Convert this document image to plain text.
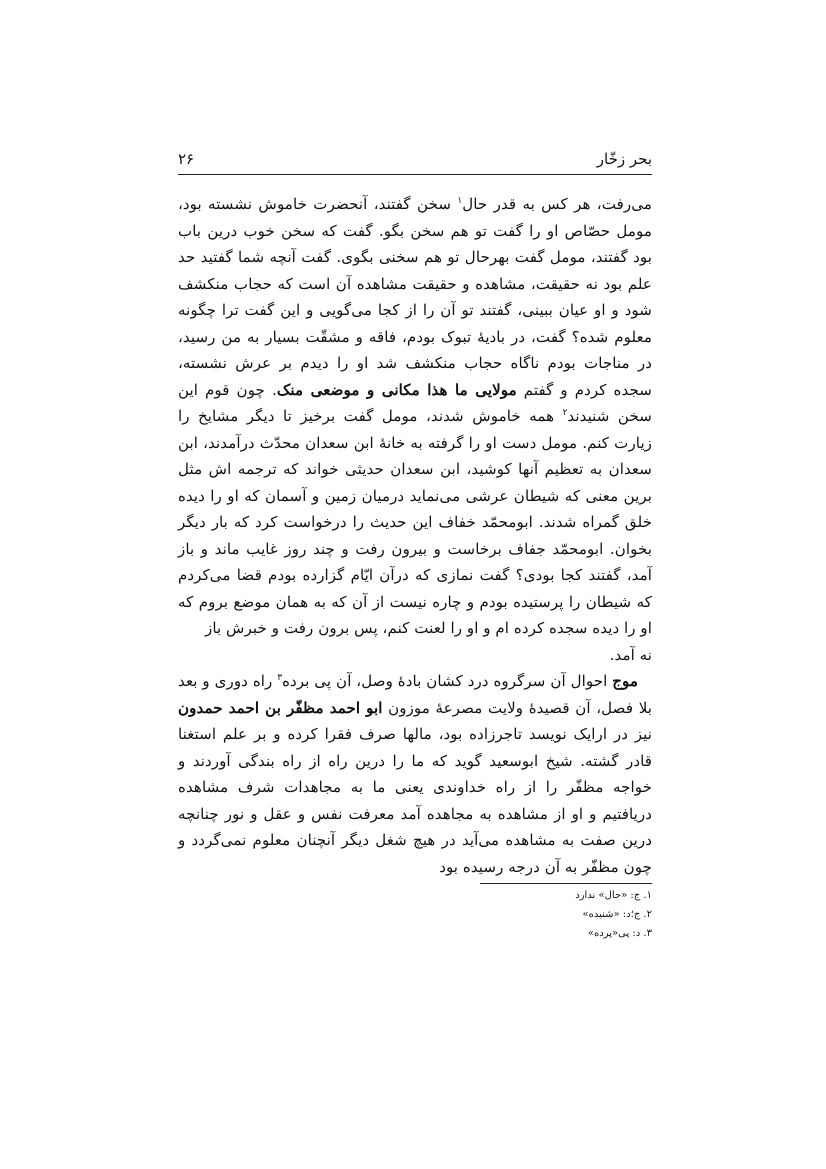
بحر زخّار
۲۶

می‌رفت، هر کس به قدر حال$^۱$ سخن گفتند، آنحضرت خاموش نشسته بود، مومل حصّاص او را گفت تو هم سخن بگو. گفت که سخن خوب درین باب بود گفتند، مومل گفت بهرحال تو هم سخنی بگوی. گفت آنچه شما گفتید حد علم بود نه حقیقت، مشاهده و حقیقت مشاهده آن است که حجاب منکشف شود و او عیان ببینی، گفتند تو آن را از کجا می‌گویی و این گفت ترا چگونه معلوم شده؟ گفت، در بادیهٔ تبوک بودم، فاقه و مشقّت بسیار به من رسید، در مناجات بودم ناگاه حجاب منکشف شد او را دیدم بر عرش نشسته، سجده کردم و گفتم مولایی ما هذا مکانی و موضعی منک. چون قوم این سخن شنیدند$^۲$ همه خاموش شدند، مومل گفت برخیز تا دیگر مشایخ را زیارت کنم. مومل دست او را گرفته به خانهٔ ابن سعدان محدّث درآمدند، ابن سعدان به تعظیم آنها کوشید، ابن سعدان حدیثی خواند که ترجمه اش مثل برین معنی که شیطان عرشی می‌نماید درمیان زمین و آسمان که او را دیده خلق گمراه شدند. ابومحمّد خفاف این حدیث را درخواست کرد که بار دیگر بخوان. ابومحمّد جفاف برخاست و بیرون رفت و چند روز غایب ماند و باز آمد، گفتند کجا بودی؟ گفت نمازی که درآن ایّام گزارده بودم قضا می‌کردم که شیطان را پرستیده بودم و چاره نیست از آن که به همان موضع بروم که او را دیده سجده کرده ام و او را لعنت کنم، پس برون رفت و خبرش باز

نه آمد.

موج احوال آن سرگروه درد کشان بادهٔ وصل، آن پی برده$^۳$ راه دوری و بعد بلا فصل، آن قصیدهٔ ولایت مصرعهٔ موزون ابو احمد مظفّر بن احمد حمدون نیز در ارایک نویسد تاجرزاده بود، مالها صرف فقرا کرده و بر علم استغنا قادر گشته. شیخ ابوسعید گوید که ما را درین راه از راه بندگی آوردند و خواجه مظفّر را از راه خداوندی یعنی ما به مجاهدات شرف مشاهده دریافتیم و او از مشاهده به مجاهده آمد معرفت نفس و عقل و نور چنانچه درین صفت به مشاهده می‌آید در هیچ شغل دیگر آنچنان معلوم نمی‌گردد و چون مظفّر به آن درجه رسیده بود

۱. ج: «حال» ندارد
۲. ج؛د: «شنیده»
۳. د: پی«پرده»
